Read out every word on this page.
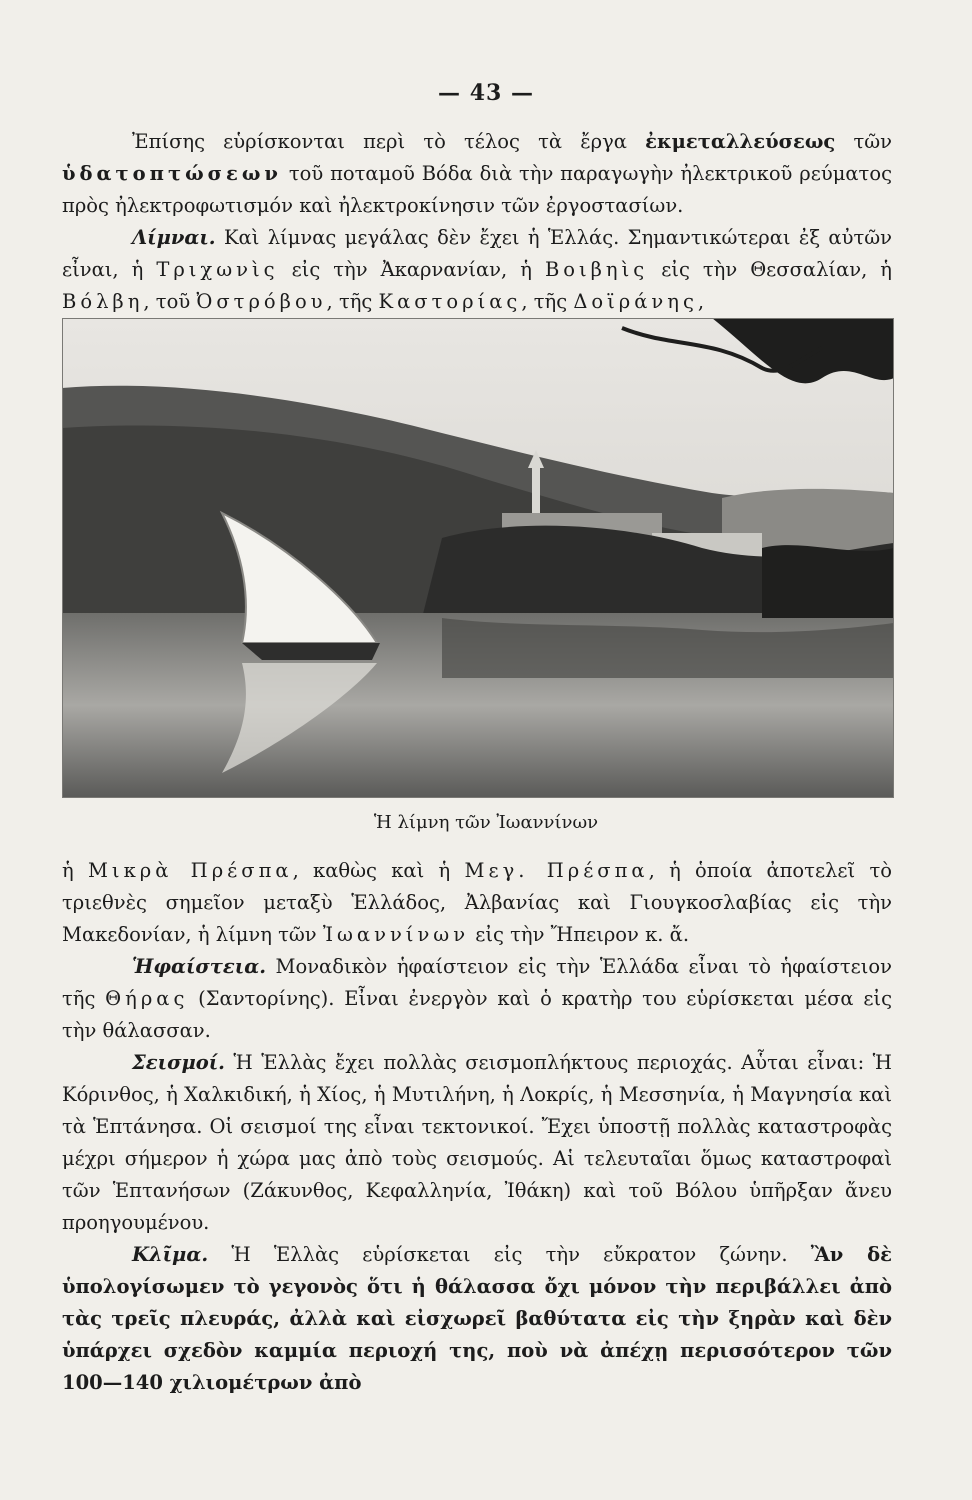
— 43 —

Ἐπίσης εὑρίσκονται περὶ τὸ τέλος τὰ ἔργα ἐκμεταλλεύσεως τῶν ὑδατοπτώσεων τοῦ ποταμοῦ Βόδα διὰ τὴν παραγωγὴν ἠλεκτρικοῦ ρεύματος πρὸς ἠλεκτροφωτισμόν καὶ ἠλεκτροκίνησιν τῶν ἐργοστασίων.

Λίμναι. Καὶ λίμνας μεγάλας δὲν ἔχει ἡ Ἑλλάς. Σημαντικώτεραι ἐξ αὐτῶν εἶναι, ἡ Τριχωνὶς εἰς τὴν Ἀκαρνανίαν, ἡ Βοιβηὶς εἰς τὴν Θεσσαλίαν, ἡ Βόλβη, τοῦ Ὀστρόβου, τῆς Καστορίας, τῆς Δοϊράνης,

Ἡ λίμνη τῶν Ἰωαννίνων

ἡ Μικρὰ Πρέσπα, καθὼς καὶ ἡ Μεγ. Πρέσπα, ἡ ὁποία ἀποτελεῖ τὸ τριεθνὲς σημεῖον μεταξὺ Ἑλλάδος, Ἀλβανίας καὶ Γιουγκοσλαβίας εἰς τὴν Μακεδονίαν, ἡ λίμνη τῶν Ἰωαννίνων εἰς τὴν Ἤπειρον κ. ἄ.

Ἡφαίστεια. Μοναδικὸν ἡφαίστειον εἰς τὴν Ἑλλάδα εἶναι τὸ ἡφαίστειον τῆς Θήρας (Σαντορίνης). Εἶναι ἐνεργὸν καὶ ὁ κρατὴρ του εὑρίσκεται μέσα εἰς τὴν θάλασσαν.

Σεισμοί. Ἡ Ἑλλὰς ἔχει πολλὰς σεισμοπλήκτους περιοχάς. Αὗται εἶναι: Ἡ Κόρινθος, ἡ Χαλκιδική, ἡ Χίος, ἡ Μυτιλήνη, ἡ Λοκρίς, ἡ Μεσσηνία, ἡ Μαγνησία καὶ τὰ Ἑπτάνησα. Οἱ σεισμοί της εἶναι τεκτονικοί. Ἔχει ὑποστῇ πολλὰς καταστροφὰς μέχρι σήμερον ἡ χώρα μας ἀπὸ τοὺς σεισμούς. Αἱ τελευταῖαι ὅμως καταστροφαὶ τῶν Ἑπτανήσων (Ζάκυνθος, Κεφαλληνία, Ἰθάκη) καὶ τοῦ Βόλου ὑπῆρξαν ἄνευ προηγουμένου.

Κλῖμα. Ἡ Ἑλλὰς εὑρίσκεται εἰς τὴν εὔκρατον ζώνην. Ἂν δὲ ὑπολογίσωμεν τὸ γεγονὸς ὅτι ἡ θάλασσα ὄχι μόνον τὴν περιβάλλει ἀπὸ τὰς τρεῖς πλευράς, ἀλλὰ καὶ εἰσχωρεῖ βαθύτατα εἰς τὴν ξηρὰν καὶ δὲν ὑπάρχει σχεδὸν καμμία περιοχή της, ποὺ νὰ ἀπέχῃ περισσότερον τῶν 100—140 χιλιομέτρων ἀπὸ
